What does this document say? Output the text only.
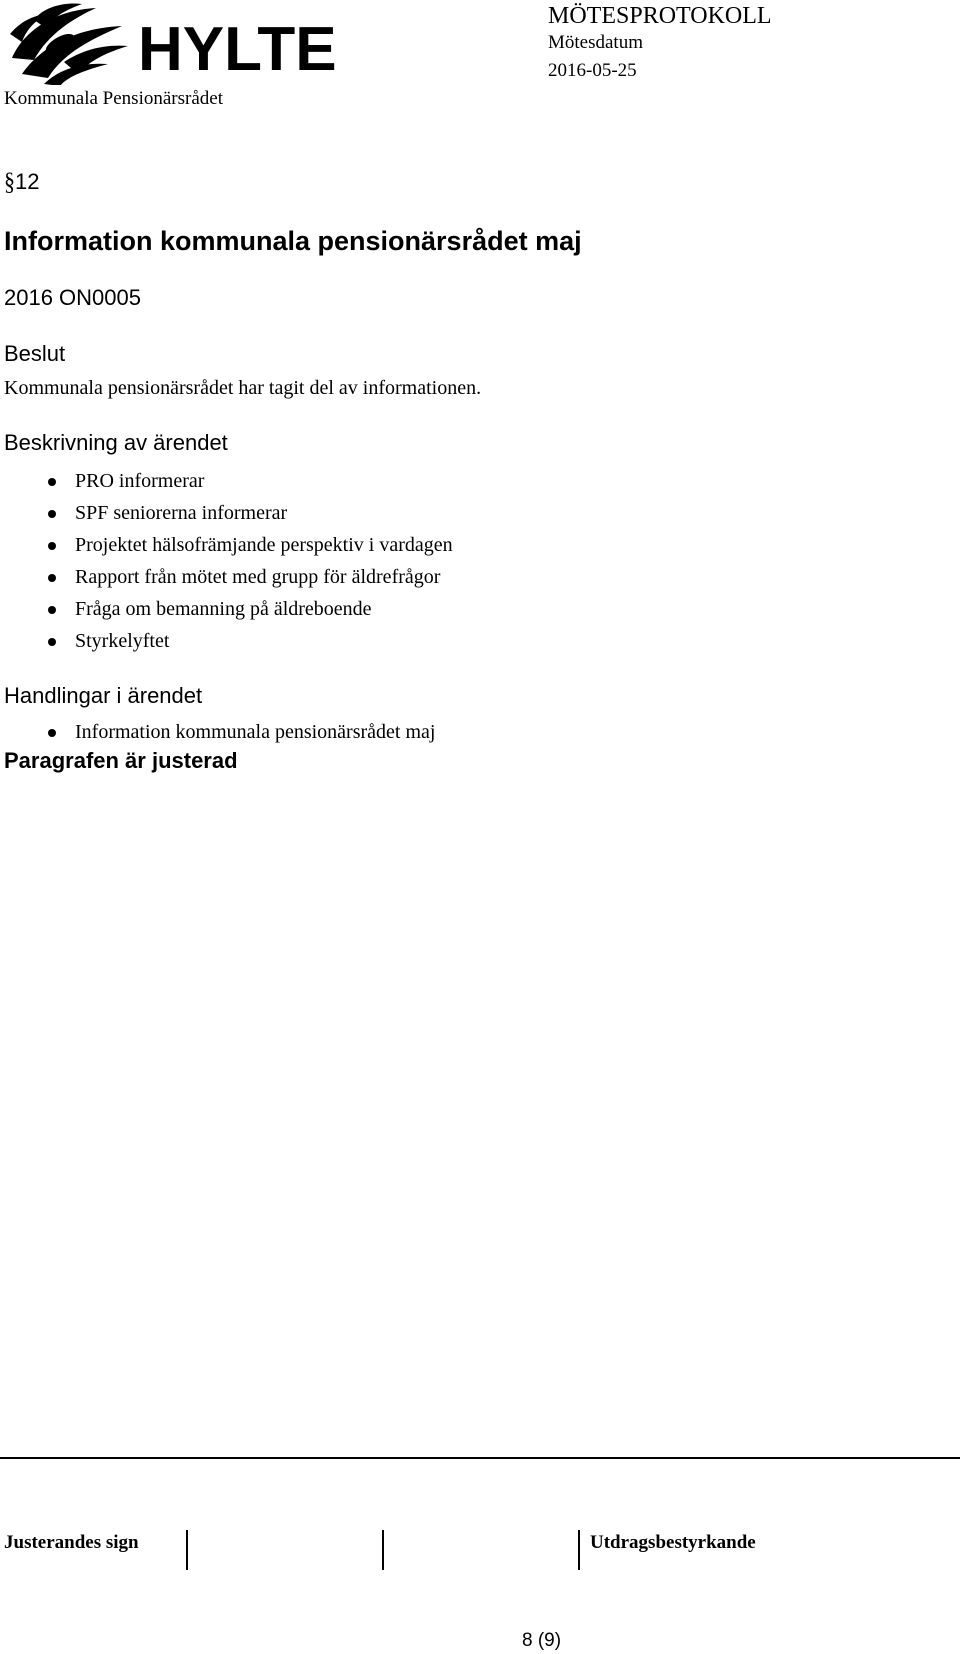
HYLTE
Kommunala Pensionärsrådet
MÖTESPROTOKOLL
Mötesdatum
2016-05-25
§12
Information kommunala pensionärsrådet maj
2016 ON0005
Beslut
Kommunala pensionärsrådet har tagit del av informationen.
Beskrivning av ärendet
PRO informerar
SPF seniorerna informerar
Projektet hälsofrämjande perspektiv i vardagen
Rapport från mötet med grupp för äldrefrågor
Fråga om bemanning på äldreboende
Styrkelyftet
Handlingar i ärendet
Information kommunala pensionärsrådet maj
Paragrafen är justerad
Justerandes sign	Utdragsbestyrkande
8 (9)
